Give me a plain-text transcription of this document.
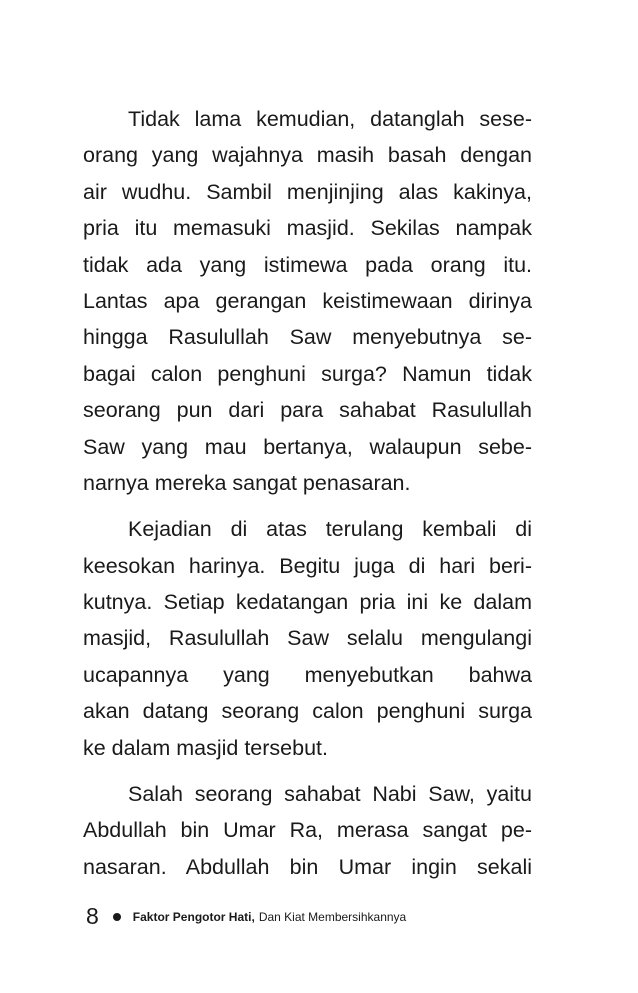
Tidak lama kemudian, datanglah sese-
orang yang wajahnya masih basah dengan
air wudhu. Sambil menjinjing alas kakinya,
pria itu memasuki masjid. Sekilas nampak
tidak ada yang istimewa pada orang itu.
Lantas apa gerangan keistimewaan dirinya
hingga Rasulullah Saw menyebutnya se-
bagai calon penghuni surga? Namun tidak
seorang pun dari para sahabat Rasulullah
Saw yang mau bertanya, walaupun sebe-
narnya mereka sangat penasaran.
Kejadian di atas terulang kembali di
keesokan harinya. Begitu juga di hari beri-
kutnya. Setiap kedatangan pria ini ke dalam
masjid, Rasulullah Saw selalu mengulangi
ucapannya yang menyebutkan bahwa
akan datang seorang calon penghuni surga
ke dalam masjid tersebut.
Salah seorang sahabat Nabi Saw, yaitu
Abdullah bin Umar Ra, merasa sangat pe-
nasaran. Abdullah bin Umar ingin sekali
8	Faktor Pengotor Hati, Dan Kiat Membersihkannya
